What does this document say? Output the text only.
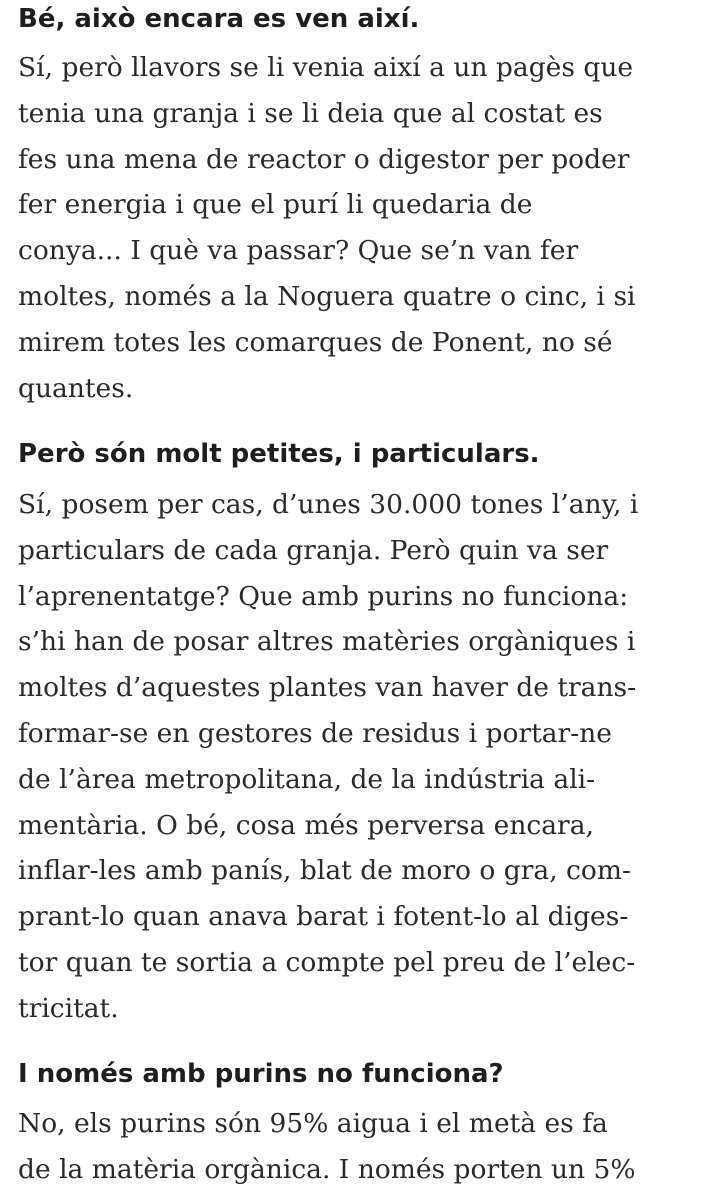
Bé, això encara es ven així.

Sí, però llavors se li venia així a un pagès que
tenia una granja i se li deia que al costat es
fes una mena de reactor o digestor per poder
fer energia i que el purí li quedaria de
conya... I què va passar? Que se’n van fer
moltes, només a la Noguera quatre o cinc, i si
mirem totes les comarques de Ponent, no sé
quantes.

Però són molt petites, i particulars.

Sí, posem per cas, d’unes 30.000 tones l’any, i
particulars de cada granja. Però quin va ser
l’aprenentatge? Que amb purins no funciona:
s’hi han de posar altres matèries orgàniques i
moltes d’aquestes plantes van haver de trans-
formar-se en gestores de residus i portar-ne
de l’àrea metropolitana, de la indústria ali-
mentària. O bé, cosa més perversa encara,
inflar-les amb panís, blat de moro o gra, com-
prant-lo quan anava barat i fotent-lo al diges-
tor quan te sortia a compte pel preu de l’elec-
tricitat.

I només amb purins no funciona?

No, els purins són 95% aigua i el metà es fa
de la matèria orgànica. I només porten un 5%
